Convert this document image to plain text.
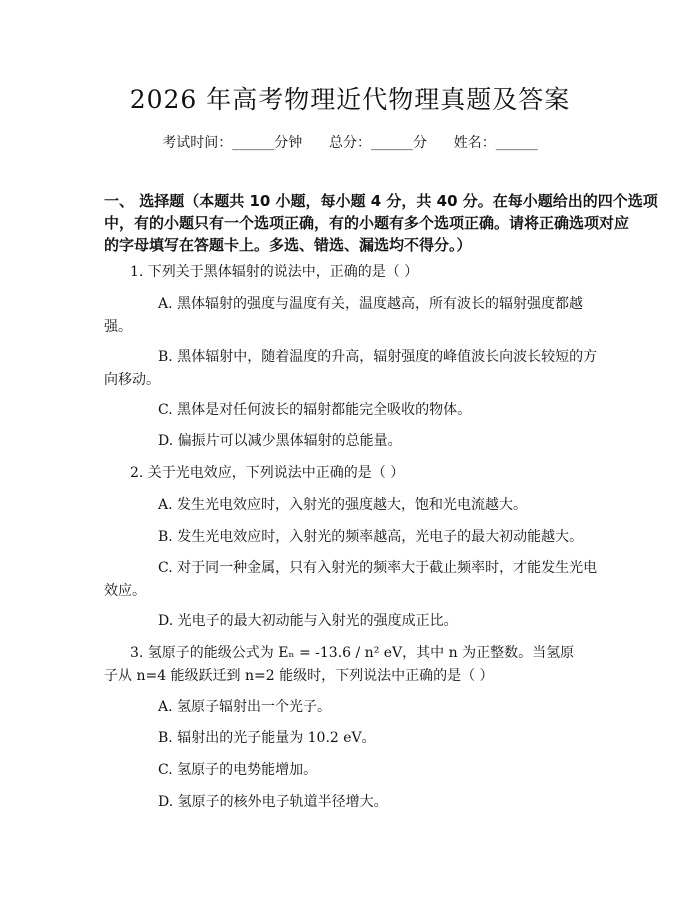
2026 年高考物理近代物理真题及答案
考试时间：______分钟      总分：______分      姓名：______
一、 选择题（本题共 10 小题，每小题 4 分，共 40 分。在每小题给出的四个选项
中，有的小题只有一个选项正确，有的小题有多个选项正确。请将正确选项对应
的字母填写在答题卡上。多选、错选、漏选均不得分。）
1. 下列关于黑体辐射的说法中，正确的是（ ）
A. 黑体辐射的强度与温度有关，温度越高，所有波长的辐射强度都越
强。
B. 黑体辐射中，随着温度的升高，辐射强度的峰值波长向波长较短的方
向移动。
C. 黑体是对任何波长的辐射都能完全吸收的物体。
D. 偏振片可以减少黑体辐射的总能量。
2. 关于光电效应，下列说法中正确的是（ ）
A. 发生光电效应时，入射光的强度越大，饱和光电流越大。
B. 发生光电效应时，入射光的频率越高，光电子的最大初动能越大。
C. 对于同一种金属，只有入射光的频率大于截止频率时，才能发生光电
效应。
D. 光电子的最大初动能与入射光的强度成正比。
3. 氢原子的能级公式为 Eₙ = -13.6 / n² eV，其中 n 为正整数。当氢原
子从 n=4 能级跃迁到 n=2 能级时，下列说法中正确的是（ ）
A. 氢原子辐射出一个光子。
B. 辐射出的光子能量为 10.2 eV。
C. 氢原子的电势能增加。
D. 氢原子的核外电子轨道半径增大。
